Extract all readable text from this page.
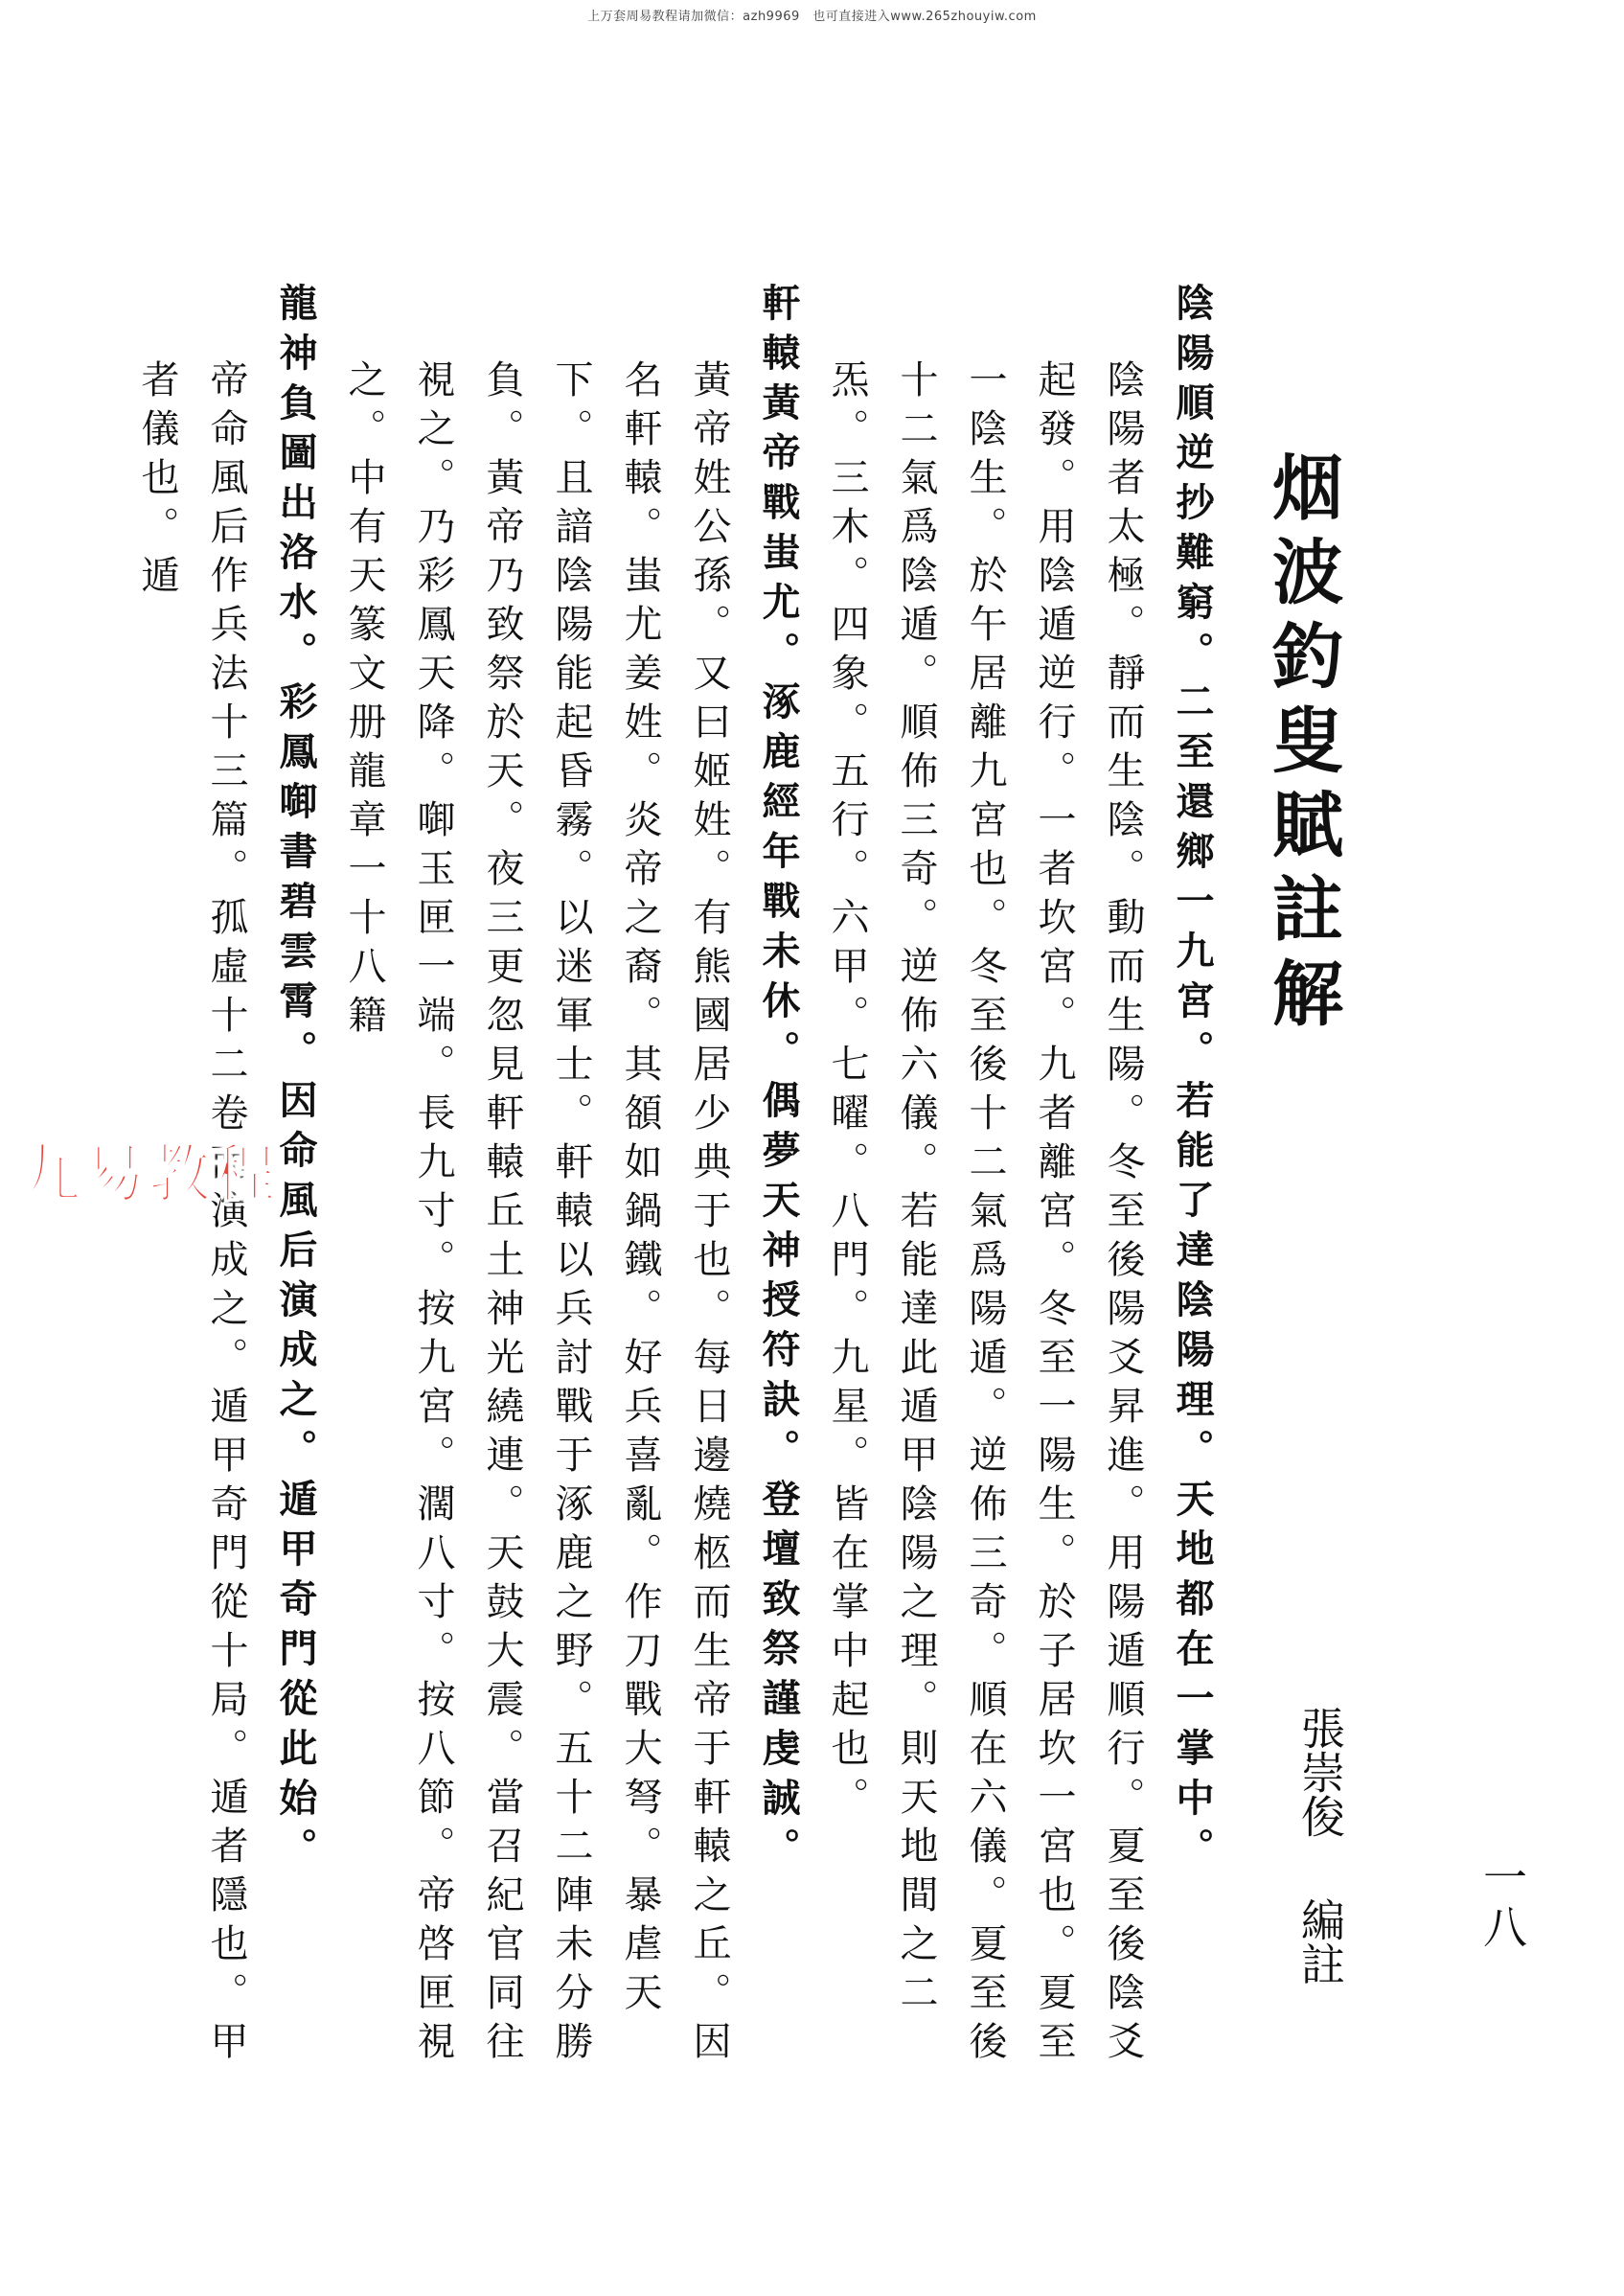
上万套周易教程请加微信：azh9969　也可直接进入www.265zhouyiw.com
一八
烟波釣叟賦註解
張崇俊編註

陰陽順逆抄難窮。二至還鄉一九宮。若能了達陰陽理。天地都在一掌中。

陰陽者太極。靜而生陰。動而生陽。冬至後陽爻昇進。用陽遁順行。夏至後陰爻起發。用陰遁逆行。一者坎宮。九者離宮。冬至一陽生。於子居坎一宮也。夏至一陰生。於午居離九宮也。冬至後十二氣爲陽遁。逆佈三奇。順在六儀。夏至後十二氣爲陰遁。順佈三奇。逆佈六儀。若能達此遁甲陰陽之理。則天地間之二炁。三木。四象。五行。六甲。七曜。八門。九星。皆在掌中起也。

軒轅黃帝戰蚩尤。涿鹿經年戰未休。偶夢天神授符訣。登壇致祭謹虔誠。

黃帝姓公孫。又曰姬姓。有熊國居少典于也。每日邊燒柩而生帝于軒轅之丘。因名軒轅。蚩尤姜姓。炎帝之裔。其頟如鍋鐵。好兵喜亂。作刀戰大弩。暴虐天下。且諳陰陽能起昏霧。以迷軍士。軒轅以兵討戰于涿鹿之野。五十二陣未分勝負。黃帝乃致祭於天。夜三更忽見軒轅丘土神光繞連。天鼓大震。當召紀官同往視之。乃彩鳳天降。啣玉匣一端。長九寸。按九宮。濶八寸。按八節。帝啓匣視之。中有天篆文册龍章一十八籍

龍神負圖出洛水。彩鳳啣書碧雲霄。因命風后演成之。遁甲奇門從此始。

帝命風后作兵法十三篇。孤虛十二卷而演成之。遁甲奇門從十局。遁者隱也。甲者儀也。遁

九易教程
